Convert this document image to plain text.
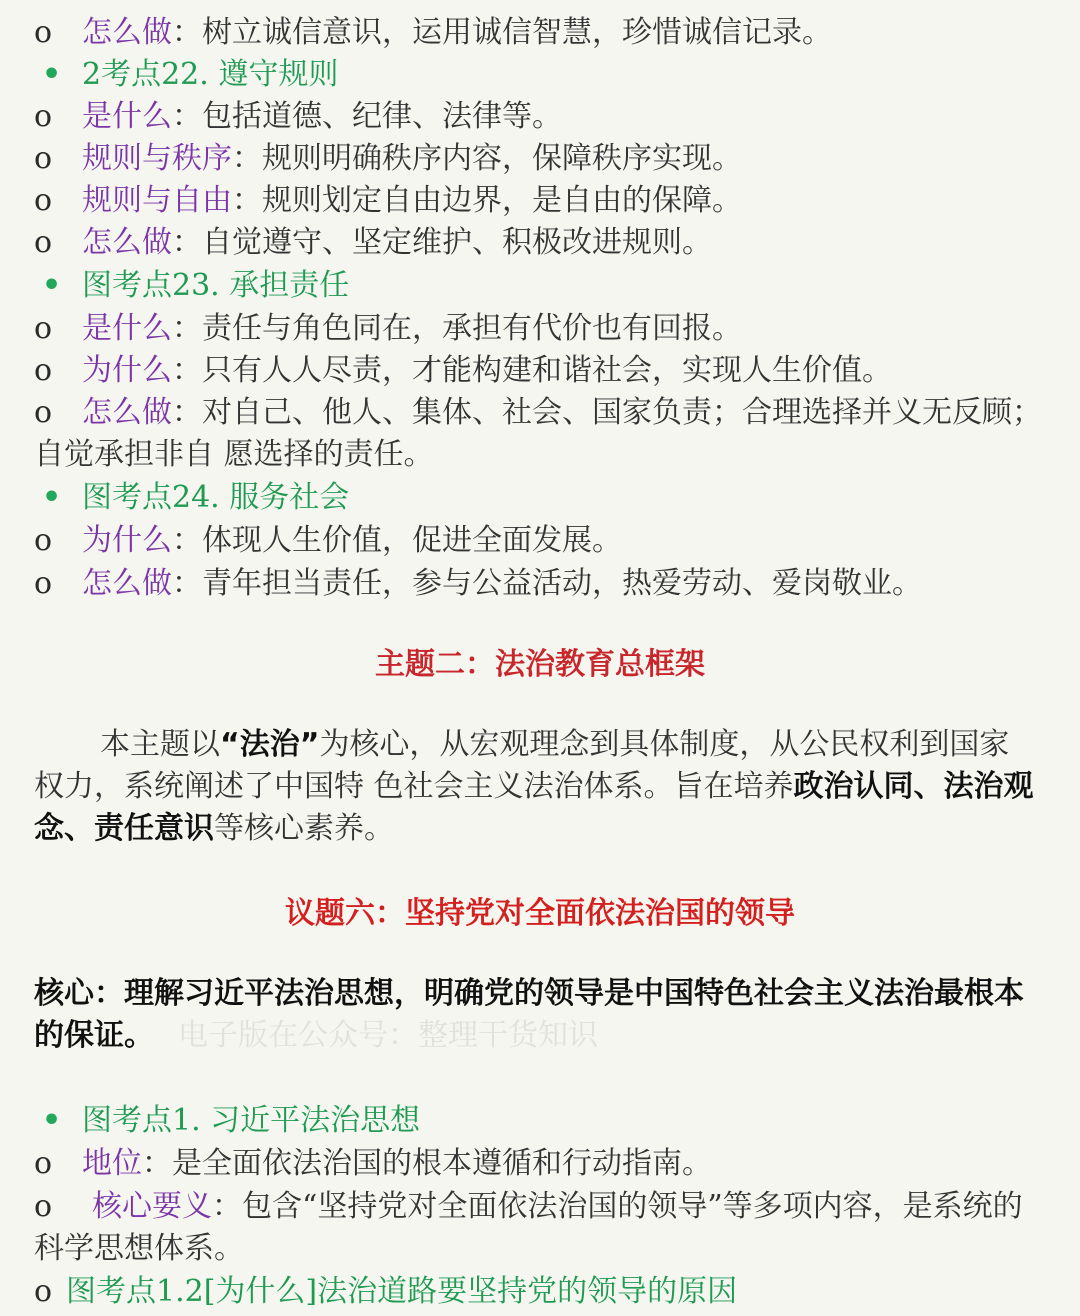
o 怎么做：树立诚信意识，运用诚信智慧，珍惜诚信记录。
• 2考点22. 遵守规则
o 是什么：包括道德、纪律、法律等。
o 规则与秩序：规则明确秩序内容，保障秩序实现。
o 规则与自由：规则划定自由边界，是自由的保障。
o 怎么做：自觉遵守、坚定维护、积极改进规则。
• 图考点23. 承担责任
o 是什么：责任与角色同在，承担有代价也有回报。
o 为什么：只有人人尽责，才能构建和谐社会，实现人生价值。
o 怎么做：对自己、他人、集体、社会、国家负责；合理选择并义无反顾；自觉承担非自 愿选择的责任。
• 图考点24. 服务社会
o 为什么：体现人生价值，促进全面发展。
o 怎么做：青年担当责任，参与公益活动，热爱劳动、爱岗敬业。
主题二：法治教育总框架
本主题以“法治”为核心，从宏观理念到具体制度，从公民权利到国家权力，系统阐述了中国特 色社会主义法治体系。旨在培养政治认同、法治观念、责任意识等核心素养。
议题六：坚持党对全面依法治国的领导
核心：理解习近平法治思想，明确党的领导是中国特色社会主义法治最根本的保证。 电子版在公众号：整理干货知识
• 图考点1. 习近平法治思想
o 地位：是全面依法治国的根本遵循和行动指南。
o 核心要义：包含“坚持党对全面依法治国的领导”等多项内容，是系统的科学思想体系。
o 图考点1.2[为什么]法治道路要坚持党的领导的原因
